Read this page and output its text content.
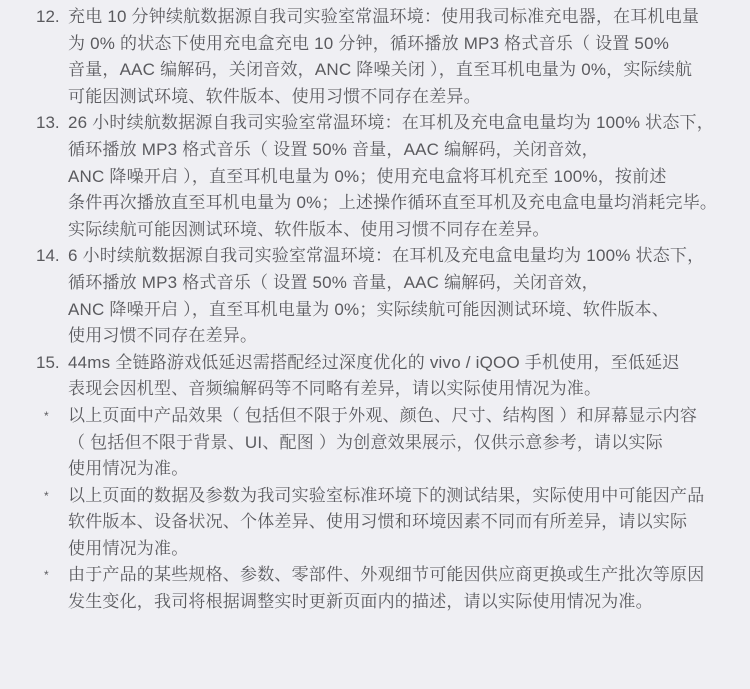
12. 充电 10 分钟续航数据源自我司实验室常温环境：使用我司标准充电器，在耳机电量
为 0% 的状态下使用充电盒充电 10 分钟，循环播放 MP3 格式音乐（ 设置 50%
音量，AAC 编解码，关闭音效，ANC 降噪关闭 ），直至耳机电量为 0%，实际续航
可能因测试环境、软件版本、使用习惯不同存在差异。
13. 26 小时续航数据源自我司实验室常温环境：在耳机及充电盒电量均为 100% 状态下，
循环播放 MP3 格式音乐（ 设置 50% 音量，AAC 编解码，关闭音效，
ANC 降噪开启 ），直至耳机电量为 0%；使用充电盒将耳机充至 100%，按前述
条件再次播放直至耳机电量为 0%；上述操作循环直至耳机及充电盒电量均消耗完毕。
实际续航可能因测试环境、软件版本、使用习惯不同存在差异。
14. 6 小时续航数据源自我司实验室常温环境：在耳机及充电盒电量均为 100% 状态下，
循环播放 MP3 格式音乐（ 设置 50% 音量，AAC 编解码，关闭音效，
ANC 降噪开启 ），直至耳机电量为 0%；实际续航可能因测试环境、软件版本、
使用习惯不同存在差异。
15. 44ms 全链路游戏低延迟需搭配经过深度优化的 vivo / iQOO 手机使用，至低延迟
表现会因机型、音频编解码等不同略有差异，请以实际使用情况为准。
* 以上页面中产品效果（ 包括但不限于外观、颜色、尺寸、结构图 ）和屏幕显示内容
（ 包括但不限于背景、UI、配图 ）为创意效果展示，仅供示意参考，请以实际
使用情况为准。
* 以上页面的数据及参数为我司实验室标准环境下的测试结果，实际使用中可能因产品
软件版本、设备状况、个体差异、使用习惯和环境因素不同而有所差异，请以实际
使用情况为准。
* 由于产品的某些规格、参数、零部件、外观细节可能因供应商更换或生产批次等原因
发生变化，我司将根据调整实时更新页面内的描述，请以实际使用情况为准。
